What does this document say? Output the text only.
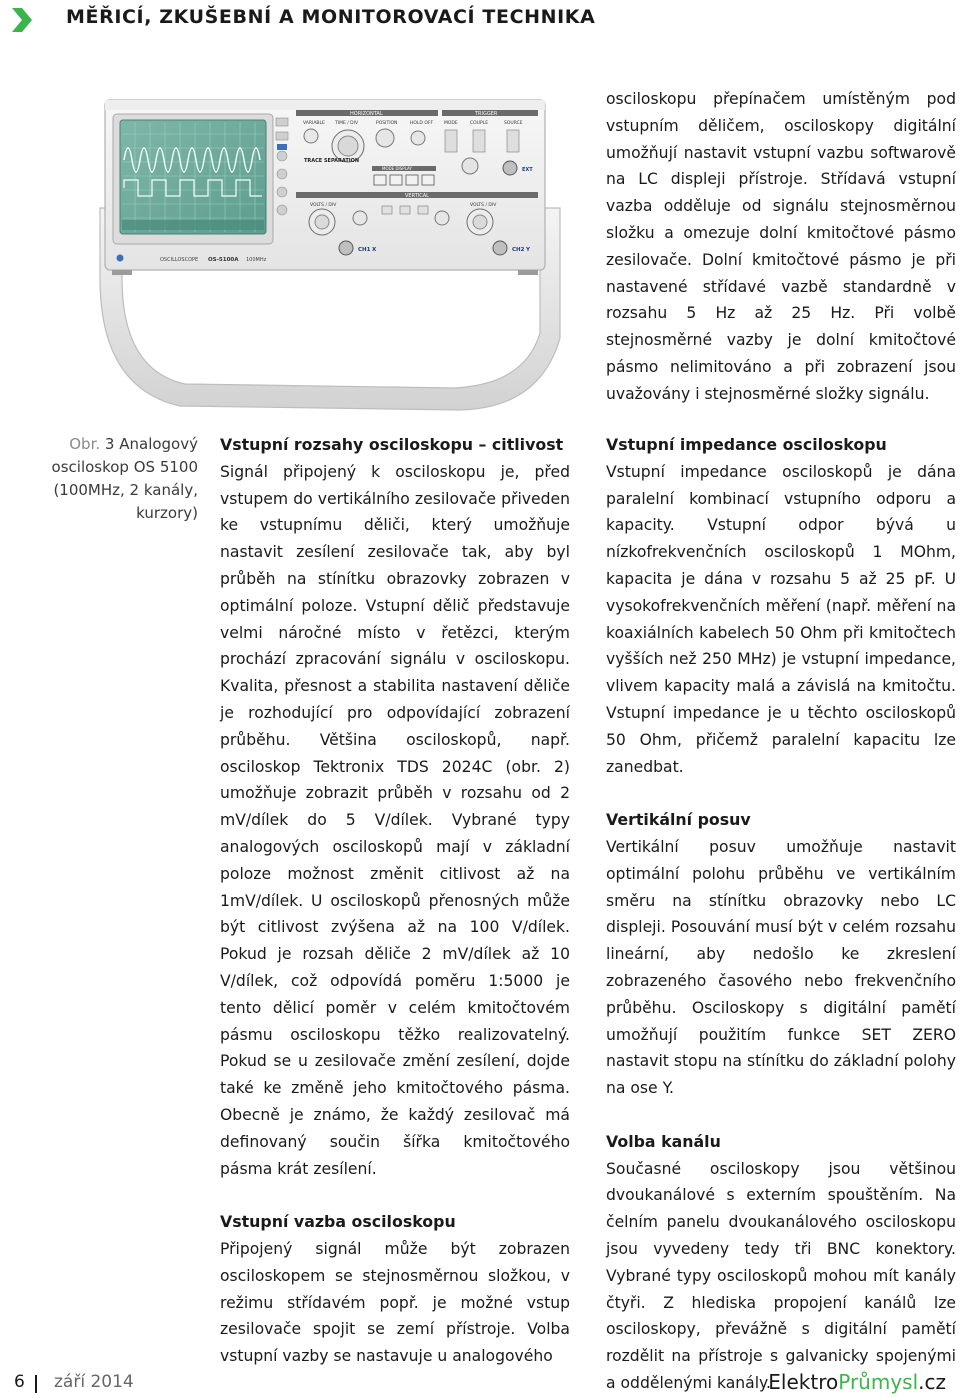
MĚŘICÍ, ZKUŠEBNÍ A MONITOROVACÍ TECHNIKA
HORIZONTAL
VARIABLE TIME / DIV	POSITION	HOLD OFF
TRACE SEPARATION
TRIGGER
MODE	COUPLE	SOURCE
EXT
MODE DISPLAY
VERTICAL
VOLTS / DIV	VOLTS / DIV
CH1 X	CH2 Y
OSCILLOSCOPE OS-5100A 100MHz

osciloskopu přepínačem umístěným pod vstupním děličem, osciloskopy digitální umožňují nastavit vstupní vazbu softwarově na LC displeji přístroje. Střídavá vstupní vazba odděluje od signálu stejnosměrnou složku a omezuje dolní kmitočtové pásmo zesilovače. Dolní kmitočtové pásmo je při nastavené střídavé vazbě standardně v rozsahu 5 Hz až 25 Hz. Při volbě stejnosměrné vazby je dolní kmitočtové pásmo nelimitováno a při zobrazení jsou uvažovány i stejnosměrné složky signálu.

Obr. 3 Analogový
osciloskop OS 5100
(100MHz, 2 kanály,
kurzory)
Vstupní rozsahy osciloskopu – citlivost

Signál připojený k osciloskopu je, před vstupem do vertikálního zesilovače přiveden ke vstupnímu děliči, který umožňuje nastavit zesílení zesilovače tak, aby byl průběh na stínítku obrazovky zobrazen v optimální poloze. Vstupní dělič představuje velmi náročné místo v řetězci, kterým prochází zpracování signálu v osciloskopu. Kvalita, přesnost a stabilita nastavení děliče je rozhodující pro odpovídající zobrazení průběhu. Většina osciloskopů, např. osciloskop Tektronix TDS 2024C (obr. 2) umožňuje zobrazit průběh v rozsahu od 2 mV/dílek do 5 V/dílek. Vybrané typy analogových osciloskopů mají v základní poloze možnost změnit citlivost až na 1mV/dílek. U osciloskopů přenosných může být citlivost zvýšena až na 100 V/dílek. Pokud je rozsah děliče 2 mV/dílek až 10 V/dílek, což odpovídá poměru 1:5000 je tento dělicí poměr v celém kmitočtovém pásmu osciloskopu těžko realizovatelný. Pokud se u zesilovače změní zesílení, dojde také ke změně jeho kmitočtového pásma. Obecně je známo, že každý zesilovač má definovaný součin šířka kmitočtového pásma krát zesílení.

Vstupní vazba osciloskopu

Připojený signál může být zobrazen osciloskopem se stejnosměrnou složkou, v režimu střídavém popř. je možné vstup zesilovače spojit se zemí přístroje. Volba vstupní vazby se nastavuje u analogového

Vstupní impedance osciloskopu

Vstupní impedance osciloskopů je dána paralelní kombinací vstupního odporu a kapacity. Vstupní odpor bývá u nízkofrekvenčních osciloskopů 1 MOhm, kapacita je dána v rozsahu 5 až 25 pF. U vysokofrekvenčních měření (např. měření na koaxiálních kabelech 50 Ohm při kmitočtech vyšších než 250 MHz) je vstupní impedance, vlivem kapacity malá a závislá na kmitočtu. Vstupní impedance je u těchto osciloskopů 50 Ohm, přičemž paralelní kapacitu lze zanedbat.

Vertikální posuv

Vertikální posuv umožňuje nastavit optimální polohu průběhu ve vertikálním směru na stínítku obrazovky nebo LC displeji. Posouvání musí být v celém rozsahu lineární, aby nedošlo ke zkreslení zobrazeného časového nebo frekvenčního průběhu. Osciloskopy s digitální pamětí umožňují použitím funkce SET ZERO nastavit stopu na stínítku do základní polohy na ose Y.

Volba kanálu

Současné osciloskopy jsou většinou dvoukanálové s externím spouštěním. Na čelním panelu dvoukanálového osciloskopu jsou vyvedeny tedy tři BNC konektory. Vybrané typy osciloskopů mohou mít kanály čtyři. Z hlediska propojení kanálů lze osciloskopy, převážně s digitální pamětí rozdělit na přístroje s galvanicky spojenými a oddělenými kanály.

6 září 2014	ElektroPrůmysl.cz
